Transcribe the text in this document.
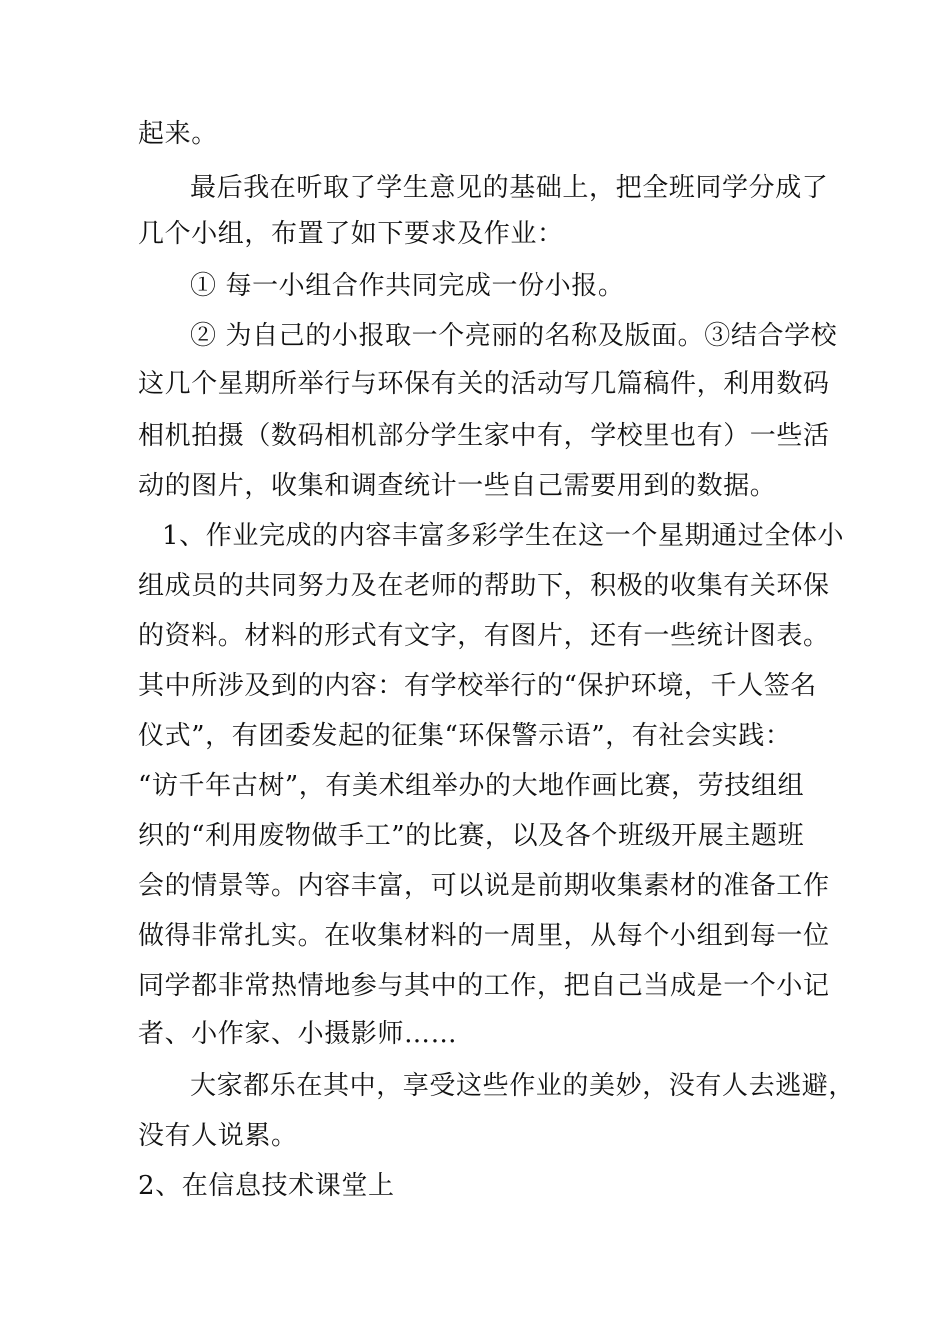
起来。
最后我在听取了学生意见的基础上，把全班同学分成了
几个小组，布置了如下要求及作业：
① 每一小组合作共同完成一份小报。
② 为自己的小报取一个亮丽的名称及版面。③结合学校
这几个星期所举行与环保有关的活动写几篇稿件，利用数码
相机拍摄（数码相机部分学生家中有，学校里也有）一些活
动的图片，收集和调查统计一些自己需要用到的数据。
1、作业完成的内容丰富多彩学生在这一个星期通过全体小
组成员的共同努力及在老师的帮助下，积极的收集有关环保
的资料。材料的形式有文字，有图片，还有一些统计图表。
其中所涉及到的内容：有学校举行的“保护环境，千人签名
仪式”，有团委发起的征集“环保警示语”，有社会实践：
“访千年古树”，有美术组举办的大地作画比赛，劳技组组
织的“利用废物做手工”的比赛，以及各个班级开展主题班
会的情景等。内容丰富，可以说是前期收集素材的准备工作
做得非常扎实。在收集材料的一周里，从每个小组到每一位
同学都非常热情地参与其中的工作，把自己当成是一个小记
者、小作家、小摄影师……
大家都乐在其中，享受这些作业的美妙，没有人去逃避，
没有人说累。
2、在信息技术课堂上
